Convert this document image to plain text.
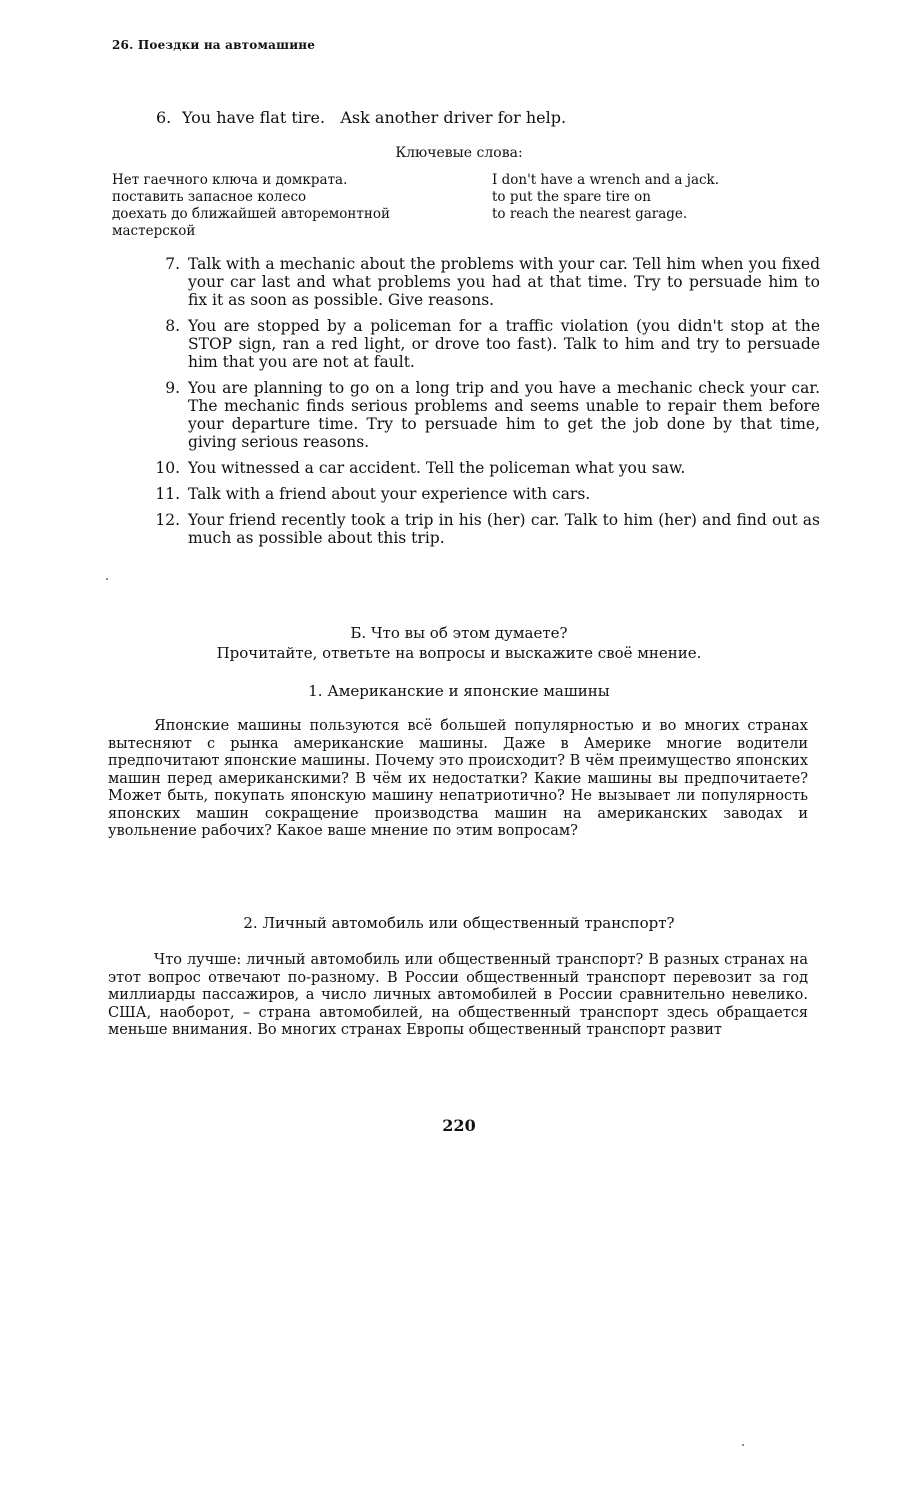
26. Поездки на автомашине
6. You have flat tire.   Ask another driver for help.
Ключевые слова:
Нет гаечного ключа и домкрата.
поставить запасное колесо
доехать до ближайшей авторемонтной
мастерской
I don't have a wrench and a jack.
to put the spare tire on
to reach the nearest garage.
7. Talk with a mechanic about the problems with your car. Tell him when you fixed your car last and what problems you had at that time. Try to persuade him to fix it as soon as possible. Give reasons.
8. You are stopped by a policeman for a traffic violation (you didn't stop at the STOP sign, ran a red light, or drove too fast). Talk to him and try to persuade him that you are not at fault.
9. You are planning to go on a long trip and you have a mechanic check your car. The mechanic finds serious problems and seems unable to repair them before your departure time. Try to persuade him to get the job done by that time, giving serious reasons.
10. You witnessed a car accident. Tell the policeman what you saw.
11. Talk with a friend about your experience with cars.
12. Your friend recently took a trip in his (her) car. Talk to him (her) and find out as much as possible about this trip.
Б. Что вы об этом думаете?
Прочитайте, ответьте на вопросы и выскажите своё мнение.
1. Американские и японские машины
Японские машины пользуются всё большей популярностью и во многих странах вытесняют с рынка американские машины. Даже в Америке многие водители предпочитают японские машины. Почему это происходит? В чём преимущество японских машин перед американскими? В чём их недостатки? Какие машины вы предпочитаете? Может быть, покупать японскую машину непатриотично? Не вызывает ли популярность японских машин сокращение производства машин на американских заводах и увольнение рабочих? Какое ваше мнение по этим вопросам?
2. Личный автомобиль или общественный транспорт?
Что лучше: личный автомобиль или общественный транспорт? В разных странах на этот вопрос отвечают по-разному. В России общественный транспорт перевозит за год миллиарды пассажиров, а число личных автомобилей в России сравнительно невелико. США, наоборот, – страна автомобилей, на общественный транспорт здесь обращается меньше внимания. Во многих странах Европы общественный транспорт развит
220
